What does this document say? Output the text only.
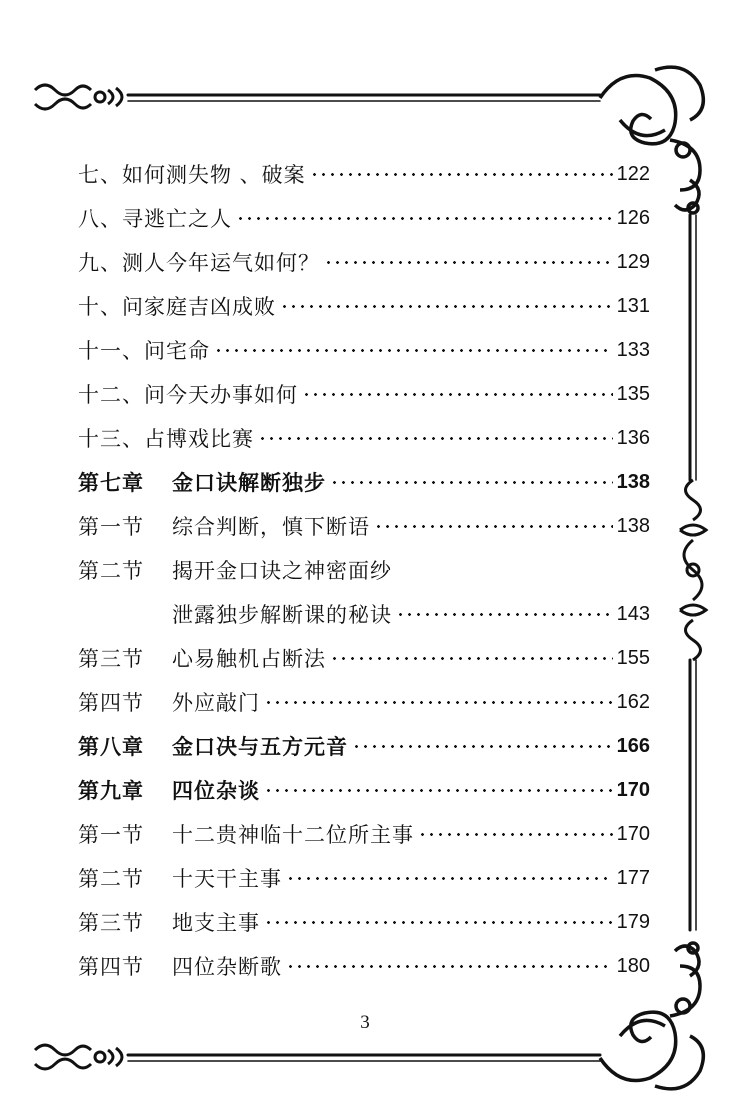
七、如何测失物 、破案	122
八、寻逃亡之人	126
九、测人今年运气如何？	129
十、问家庭吉凶成败	131
十一、问宅命	133
十二、问今天办事如何	135
十三、占博戏比赛	136
第七章	金口诀解断独步	138
第一节	综合判断，慎下断语	138
第二节	揭开金口诀之神密面纱
泄露独步解断课的秘诀	143
第三节	心易触机占断法	155
第四节	外应敲门	162
第八章	金口决与五方元音	166
第九章	四位杂谈	170
第一节	十二贵神临十二位所主事	170
第二节	十天干主事	177
第三节	地支主事	179
第四节	四位杂断歌	180
3
